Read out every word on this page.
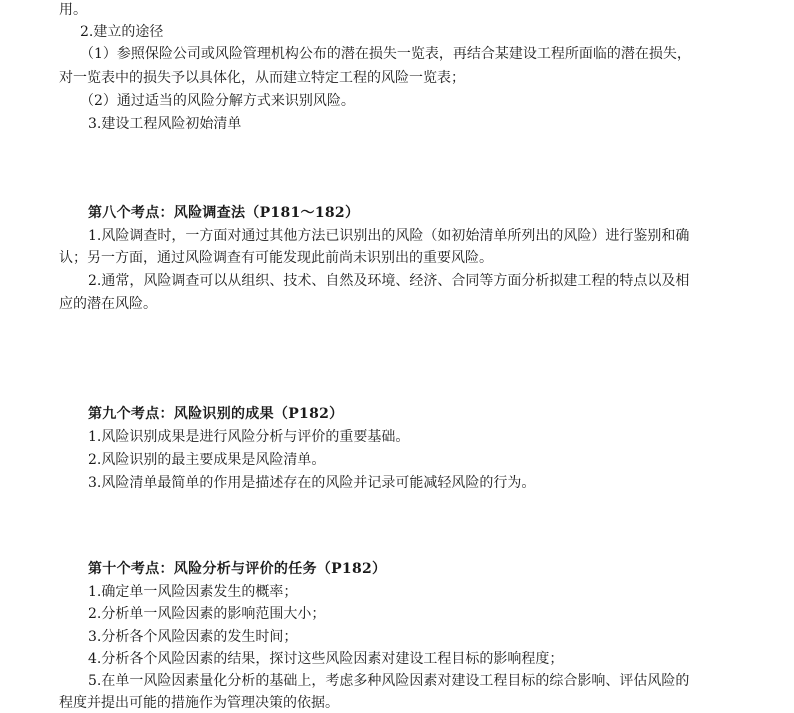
用。
2.建立的途径
（1）参照保险公司或风险管理机构公布的潜在损失一览表，再结合某建设工程所面临的潜在损失，
对一览表中的损失予以具体化，从而建立特定工程的风险一览表；
（2）通过适当的风险分解方式来识别风险。
3.建设工程风险初始清单
第八个考点：风险调查法（P181～182）
1.风险调查时，一方面对通过其他方法已识别出的风险（如初始清单所列出的风险）进行鉴别和确
认；另一方面，通过风险调查有可能发现此前尚未识别出的重要风险。
2.通常，风险调查可以从组织、技术、自然及环境、经济、合同等方面分析拟建工程的特点以及相
应的潜在风险。
第九个考点：风险识别的成果（P182）
1.风险识别成果是进行风险分析与评价的重要基础。
2.风险识别的最主要成果是风险清单。
3.风险清单最简单的作用是描述存在的风险并记录可能减轻风险的行为。
第十个考点：风险分析与评价的任务（P182）
1.确定单一风险因素发生的概率；
2.分析单一风险因素的影响范围大小；
3.分析各个风险因素的发生时间；
4.分析各个风险因素的结果，探讨这些风险因素对建设工程目标的影响程度；
5.在单一风险因素量化分析的基础上，考虑多种风险因素对建设工程目标的综合影响、评估风险的
程度并提出可能的措施作为管理决策的依据。
